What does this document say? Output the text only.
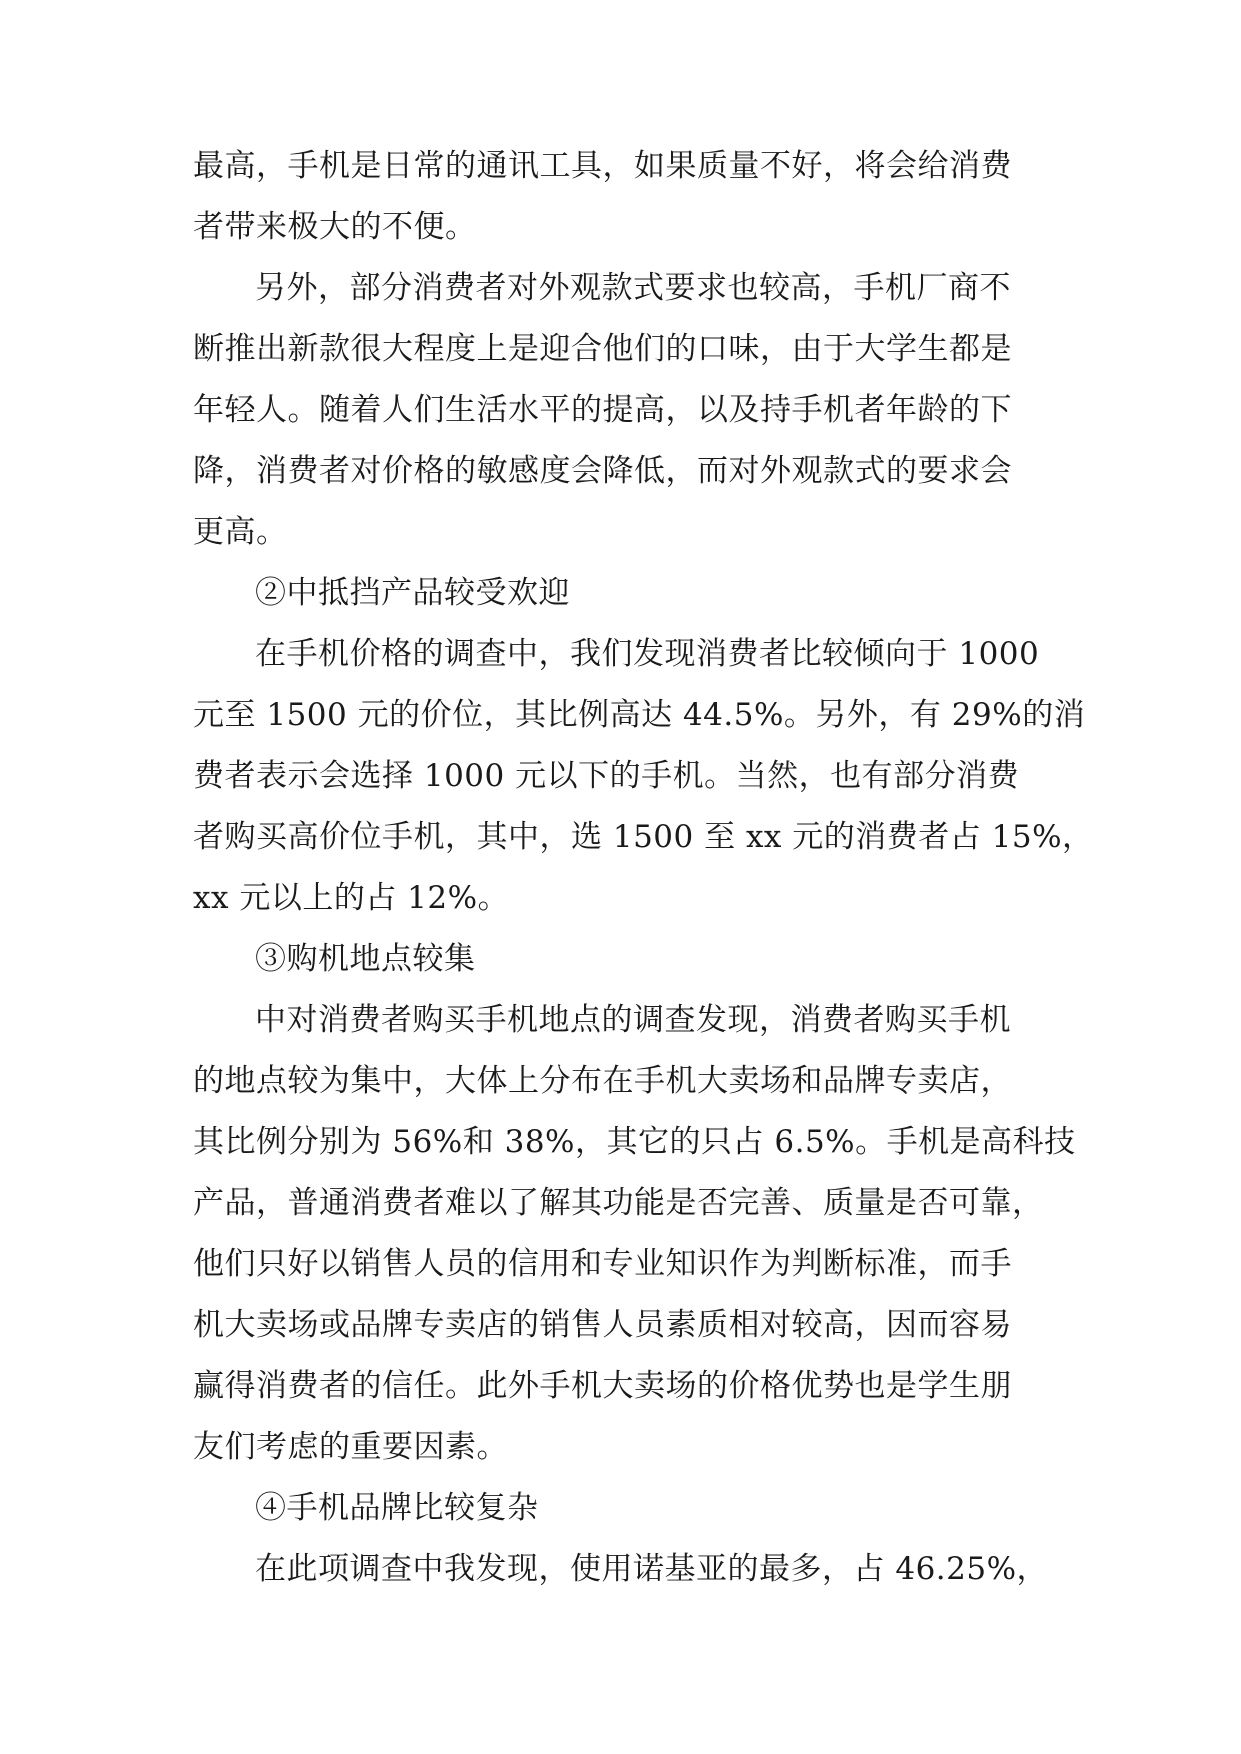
最高，手机是日常的通讯工具，如果质量不好，将会给消费
者带来极大的不便。
另外，部分消费者对外观款式要求也较高，手机厂商不
断推出新款很大程度上是迎合他们的口味，由于大学生都是
年轻人。随着人们生活水平的提高，以及持手机者年龄的下
降，消费者对价格的敏感度会降低，而对外观款式的要求会
更高。
②中抵挡产品较受欢迎
在手机价格的调查中，我们发现消费者比较倾向于 1000
元至 1500 元的价位，其比例高达 44.5%。另外，有 29%的消
费者表示会选择 1000 元以下的手机。当然，也有部分消费
者购买高价位手机，其中，选 1500 至 xx 元的消费者占 15%，
xx 元以上的占 12%。
③购机地点较集
中对消费者购买手机地点的调查发现，消费者购买手机
的地点较为集中，大体上分布在手机大卖场和品牌专卖店，
其比例分别为 56%和 38%，其它的只占 6.5%。手机是高科技
产品，普通消费者难以了解其功能是否完善、质量是否可靠，
他们只好以销售人员的信用和专业知识作为判断标准，而手
机大卖场或品牌专卖店的销售人员素质相对较高，因而容易
赢得消费者的信任。此外手机大卖场的价格优势也是学生朋
友们考虑的重要因素。
④手机品牌比较复杂
在此项调查中我发现，使用诺基亚的最多，占 46.25%，
